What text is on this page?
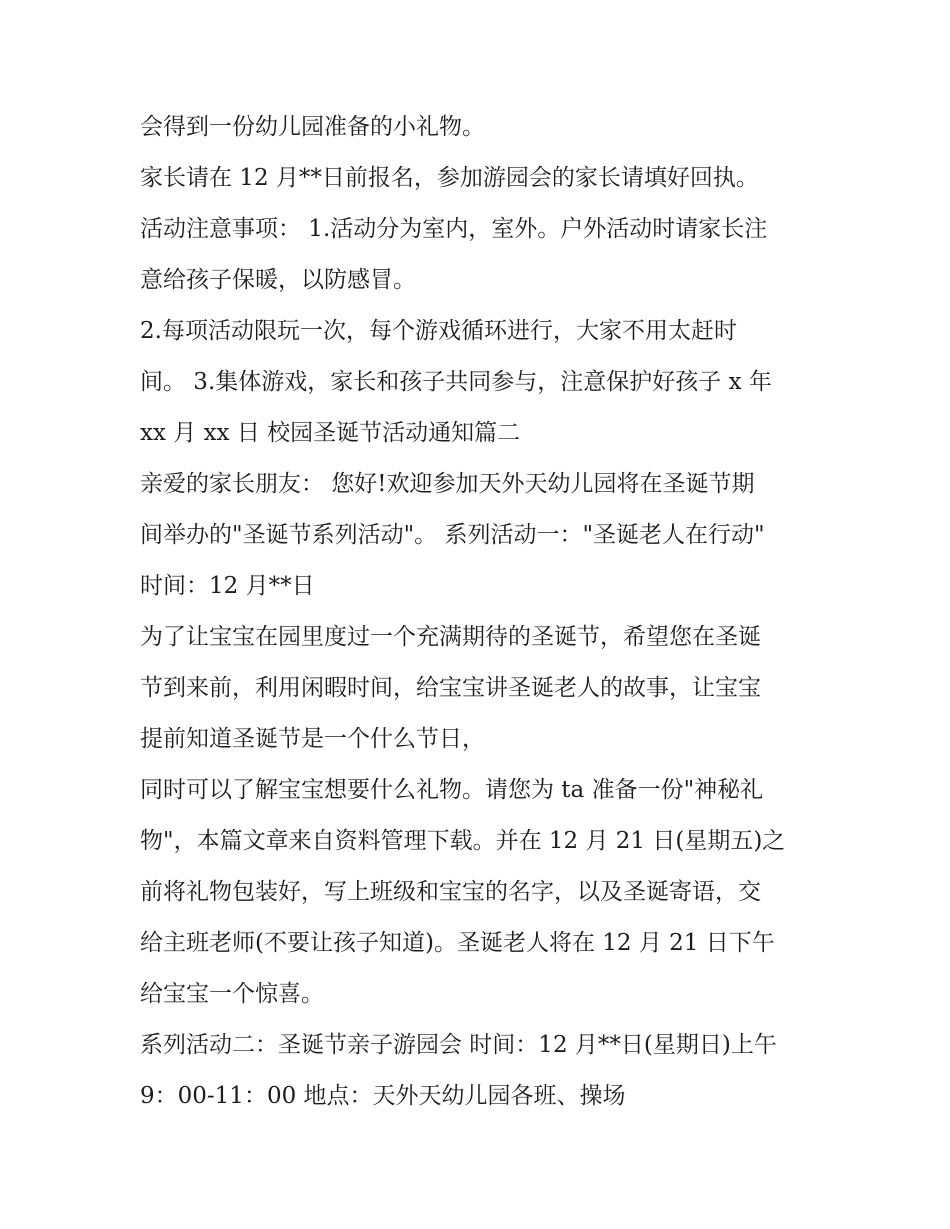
会得到一份幼儿园准备的小礼物。
家长请在 12 月**日前报名，参加游园会的家长请填好回执。
活动注意事项： 1.活动分为室内，室外。户外活动时请家长注
意给孩子保暖，以防感冒。
2.每项活动限玩一次，每个游戏循环进行，大家不用太赶时
间。 3.集体游戏，家长和孩子共同参与，注意保护好孩子 x 年
xx 月 xx 日 校园圣诞节活动通知篇二
亲爱的家长朋友： 您好!欢迎参加天外天幼儿园将在圣诞节期
间举办的"圣诞节系列活动"。 系列活动一："圣诞老人在行动"
时间：12 月**日
为了让宝宝在园里度过一个充满期待的圣诞节，希望您在圣诞
节到来前，利用闲暇时间，给宝宝讲圣诞老人的故事，让宝宝
提前知道圣诞节是一个什么节日，
同时可以了解宝宝想要什么礼物。请您为 ta 准备一份"神秘礼
物"，本篇文章来自资料管理下载。并在 12 月 21 日(星期五)之
前将礼物包装好，写上班级和宝宝的名字，以及圣诞寄语，交
给主班老师(不要让孩子知道)。圣诞老人将在 12 月 21 日下午
给宝宝一个惊喜。
系列活动二：圣诞节亲子游园会 时间：12 月**日(星期日)上午
9：00-11：00 地点：天外天幼儿园各班、操场
